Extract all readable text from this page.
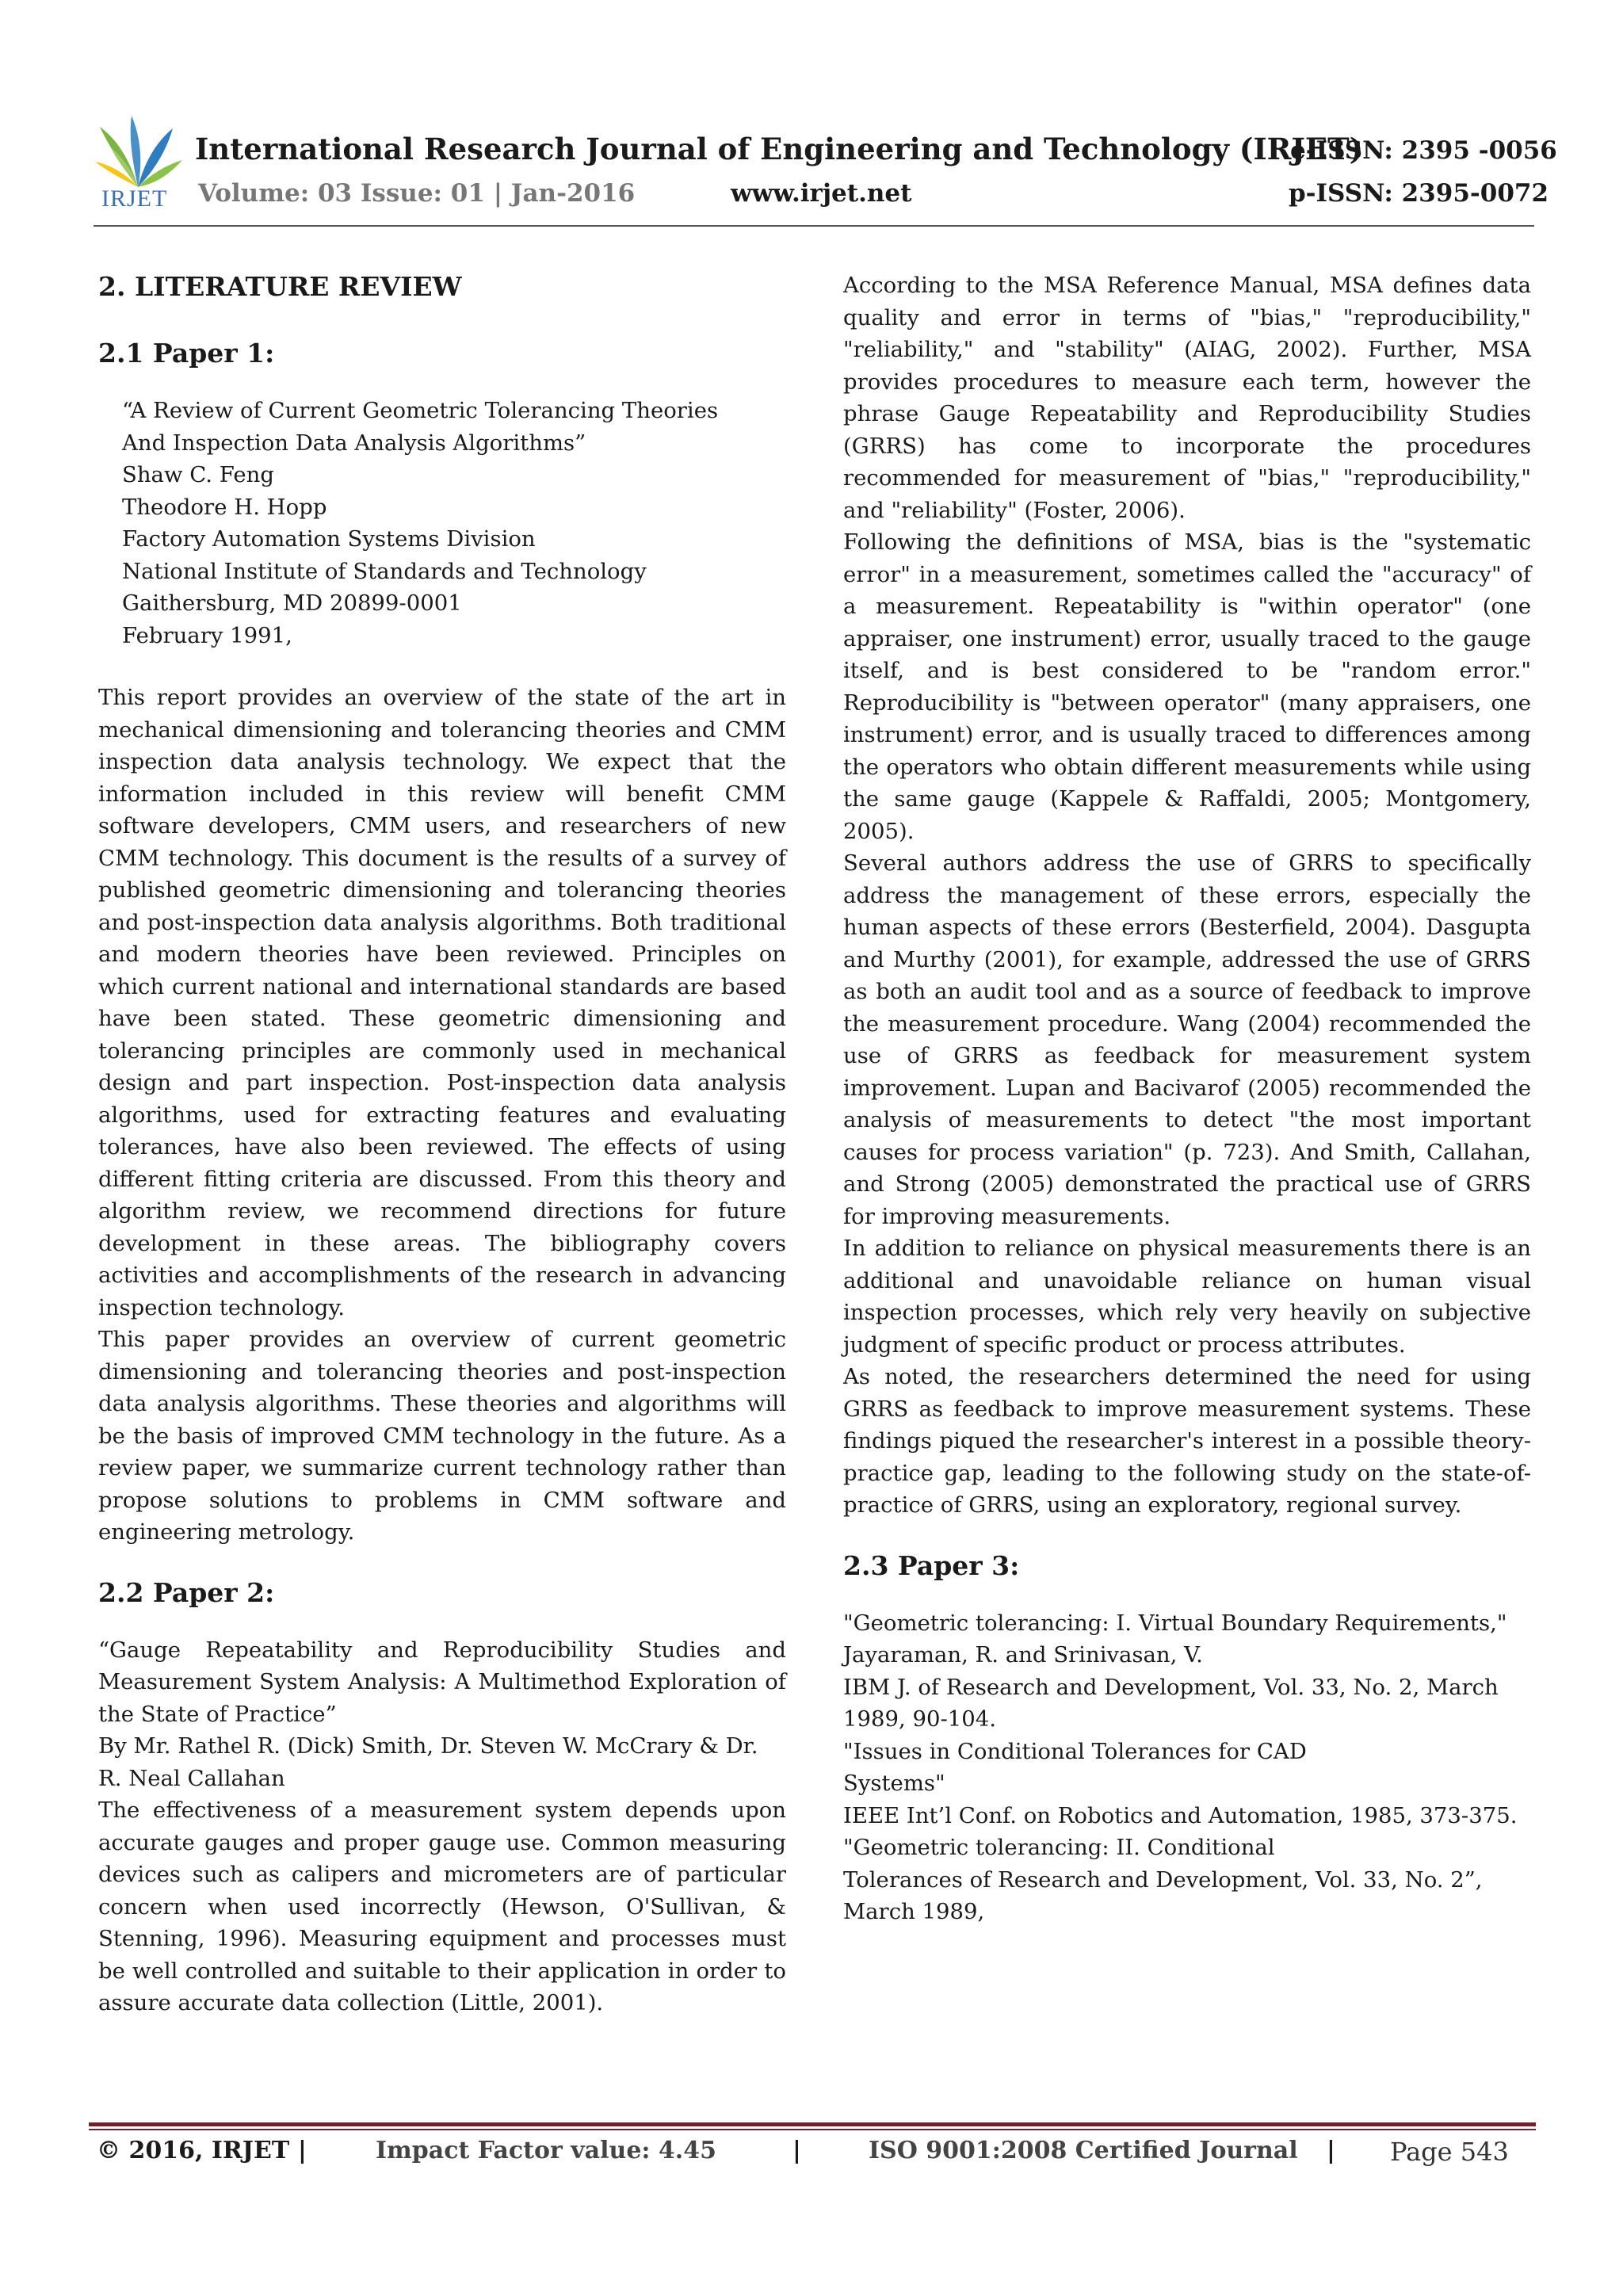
IRJET
International Research Journal of Engineering and Technology (IRJET)
e-ISSN: 2395 -0056
Volume: 03 Issue: 01 | Jan-2016	www.irjet.net	p-ISSN: 2395-0072
2. LITERATURE REVIEW
2.1 Paper 1:
“A Review of Current Geometric Tolerancing Theories
And Inspection Data Analysis Algorithms”
Shaw C. Feng
Theodore H. Hopp
Factory Automation Systems Division
National Institute of Standards and Technology
Gaithersburg, MD 20899-0001
February 1991,

This report provides an overview of the state of the art in mechanical dimensioning and tolerancing theories and CMM inspection data analysis technology. We expect that the information included in this review will benefit CMM software developers, CMM users, and researchers of new CMM technology. This document is the results of a survey of published geometric dimensioning and tolerancing theories and post-inspection data analysis algorithms. Both traditional and modern theories have been reviewed. Principles on which current national and international standards are based have been stated. These geometric dimensioning and tolerancing principles are commonly used in mechanical design and part inspection. Post-inspection data analysis algorithms, used for extracting features and evaluating tolerances, have also been reviewed. The effects of using different fitting criteria are discussed. From this theory and algorithm review, we recommend directions for future development in these areas. The bibliography covers activities and accomplishments of the research in advancing inspection technology.

This paper provides an overview of current geometric dimensioning and tolerancing theories and post-inspection data analysis algorithms. These theories and algorithms will be the basis of improved CMM technology in the future. As a review paper, we summarize current technology rather than propose solutions to problems in CMM software and engineering metrology.

2.2 Paper 2:

“Gauge Repeatability and Reproducibility Studies and Measurement System Analysis: A Multimethod Exploration of the State of Practice”

By Mr. Rathel R. (Dick) Smith, Dr. Steven W. McCrary & Dr. R. Neal Callahan

The effectiveness of a measurement system depends upon accurate gauges and proper gauge use. Common measuring devices such as calipers and micrometers are of particular concern when used incorrectly (Hewson, O'Sullivan, & Stenning, 1996). Measuring equipment and processes must be well controlled and suitable to their application in order to assure accurate data collection (Little, 2001).

According to the MSA Reference Manual, MSA defines data quality and error in terms of "bias," "reproducibility," "reliability," and "stability" (AIAG, 2002). Further, MSA provides procedures to measure each term, however the phrase Gauge Repeatability and Reproducibility Studies (GRRS) has come to incorporate the procedures recommended for measurement of "bias," "reproducibility," and "reliability" (Foster, 2006).

Following the definitions of MSA, bias is the "systematic error" in a measurement, sometimes called the "accuracy" of a measurement. Repeatability is "within operator" (one appraiser, one instrument) error, usually traced to the gauge itself, and is best considered to be "random error." Reproducibility is "between operator" (many appraisers, one instrument) error, and is usually traced to differences among the operators who obtain different measurements while using the same gauge (Kappele & Raffaldi, 2005; Montgomery, 2005).

Several authors address the use of GRRS to specifically address the management of these errors, especially the human aspects of these errors (Besterfield, 2004). Dasgupta and Murthy (2001), for example, addressed the use of GRRS as both an audit tool and as a source of feedback to improve the measurement procedure. Wang (2004) recommended the use of GRRS as feedback for measurement system improvement. Lupan and Bacivarof (2005) recommended the analysis of measurements to detect "the most important causes for process variation" (p. 723). And Smith, Callahan, and Strong (2005) demonstrated the practical use of GRRS for improving measurements.

In addition to reliance on physical measurements there is an additional and unavoidable reliance on human visual inspection processes, which rely very heavily on subjective judgment of specific product or process attributes.

As noted, the researchers determined the need for using GRRS as feedback to improve measurement systems. These findings piqued the researcher's interest in a possible theory-practice gap, leading to the following study on the state-of-practice of GRRS, using an exploratory, regional survey.

2.3 Paper 3:

"Geometric tolerancing: I. Virtual Boundary Requirements,"

Jayaraman, R. and Srinivasan, V.

IBM J. of Research and Development, Vol. 33, No. 2, March 1989, 90-104.

"Issues in Conditional Tolerances for CAD

Systems"

IEEE Int’l Conf. on Robotics and Automation, 1985, 373-375.

"Geometric tolerancing: II. Conditional

Tolerances of Research and Development, Vol. 33, No. 2”,

March 1989,

© 2016, IRJET |	Impact Factor value: 4.45	|	ISO 9001:2008 Certified Journal | Page 543
